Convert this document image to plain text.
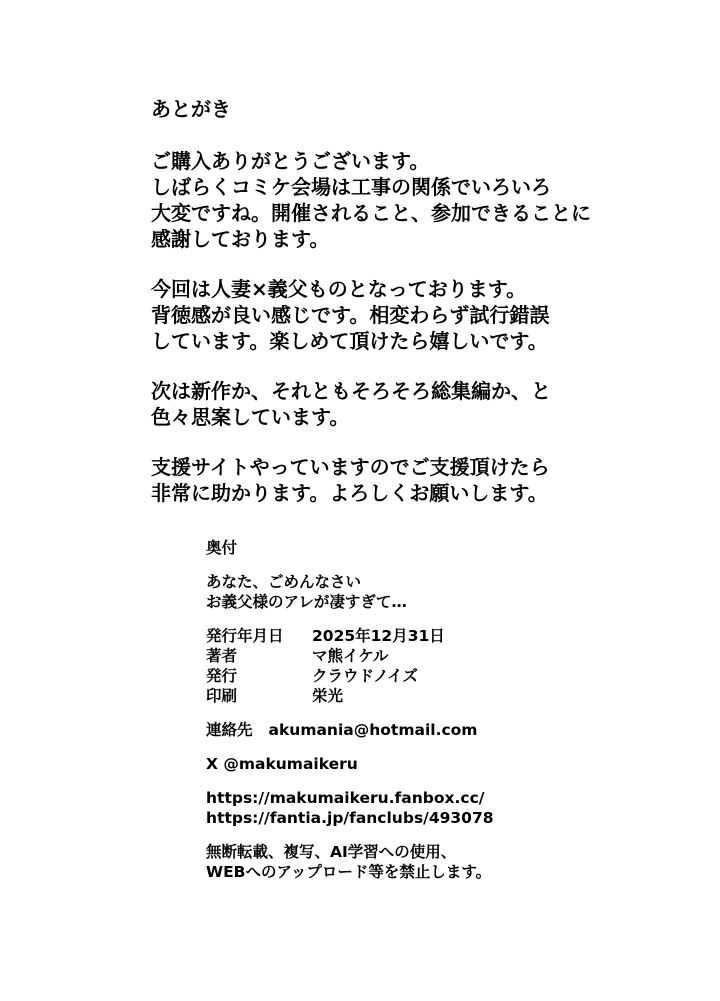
あとがき
ご購入ありがとうございます。
しばらくコミケ会場は工事の関係でいろいろ
大変ですね。開催されること、参加できることに
感謝しております。
今回は人妻×義父ものとなっております。
背徳感が良い感じです。相変わらず試行錯誤
しています。楽しめて頂けたら嬉しいです。
次は新作か、それともそろそろ総集編か、と
色々思案しています。
支援サイトやっていますのでご支援頂けたら
非常に助かります。よろしくお願いします。
奥付
あなた、ごめんなさい
お義父様のアレが凄すぎて…
発行年月日	2025年12月31日
著者	マ熊イケル
発行	クラウドノイズ
印刷	栄光
連絡先 akumania@hotmail.com
X @makumaikeru
https://makumaikeru.fanbox.cc/
https://fantia.jp/fanclubs/493078
無断転載、複写、AI学習への使用、
WEBへのアップロード等を禁止します。
